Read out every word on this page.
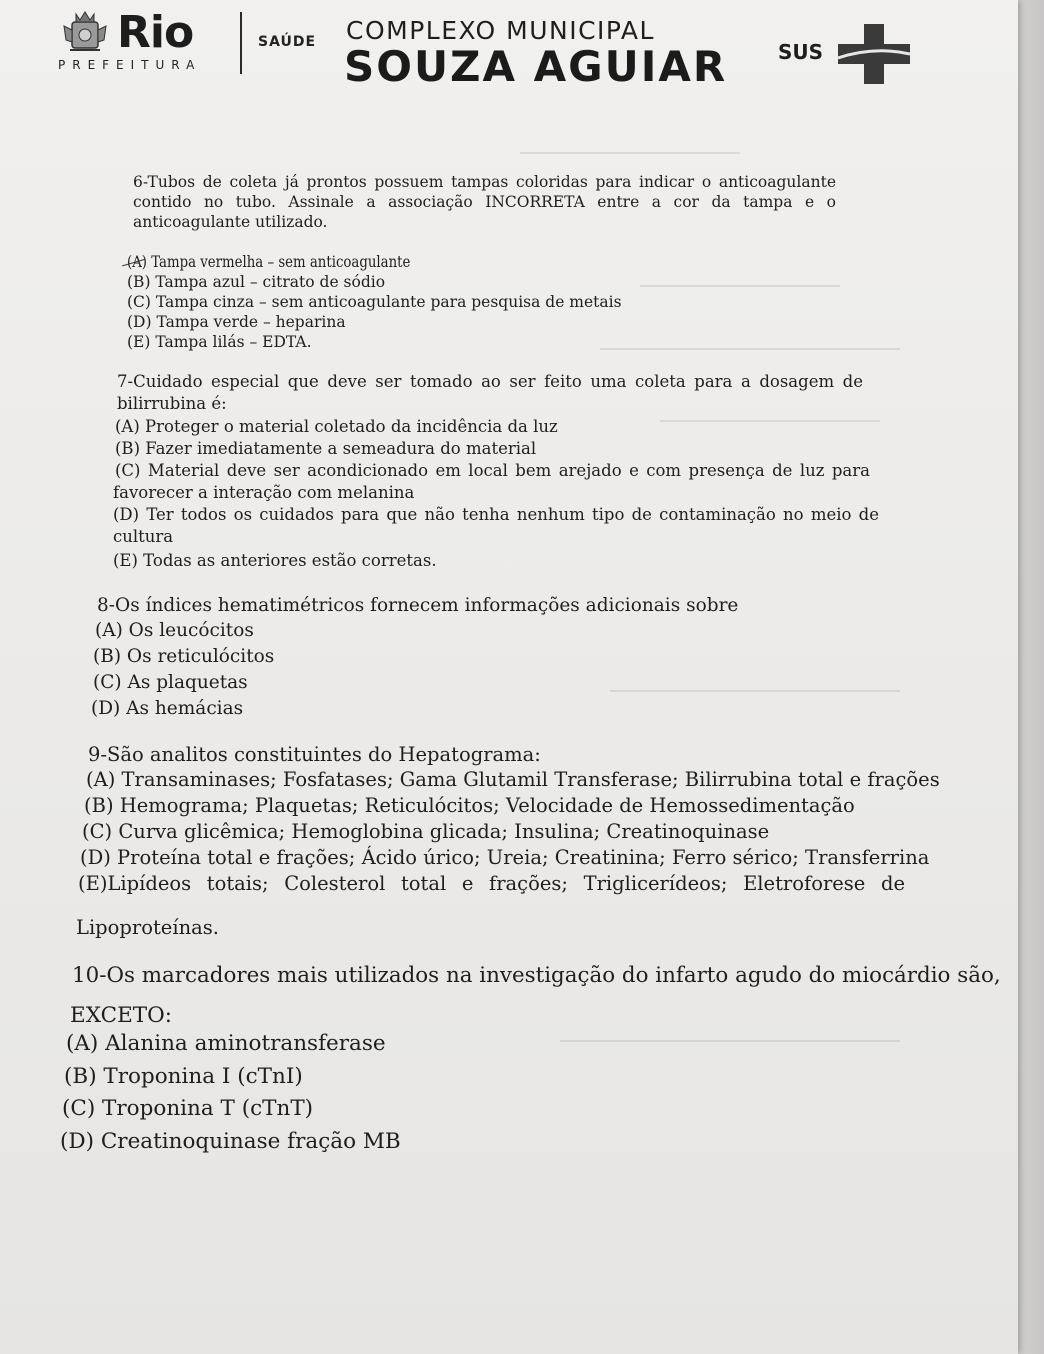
Rio
PREFEITURA
SAÚDE COMPLEXO MUNICIPAL
SOUZA AGUIAR	SUS
6-Tubos de coleta já prontos possuem tampas coloridas para indicar o anticoagulante
contido no tubo. Assinale a associação INCORRETA entre a cor da tampa e o
anticoagulante utilizado.
(A) Tampa vermelha – sem anticoagulante
(B) Tampa azul – citrato de sódio
(C) Tampa cinza – sem anticoagulante para pesquisa de metais
(D) Tampa verde – heparina
(E) Tampa lilás – EDTA.
7-Cuidado especial que deve ser tomado ao ser feito uma coleta para a dosagem de
bilirrubina é:
(A) Proteger o material coletado da incidência da luz
(B) Fazer imediatamente a semeadura do material
(C) Material deve ser acondicionado em local bem arejado e com presença de luz para
favorecer a interação com melanina
(D) Ter todos os cuidados para que não tenha nenhum tipo de contaminação no meio de
cultura
(E) Todas as anteriores estão corretas.
8-Os índices hematimétricos fornecem informações adicionais sobre
(A) Os leucócitos
(B) Os reticulócitos
(C) As plaquetas
(D) As hemácias
9-São analitos constituintes do Hepatograma:
(A) Transaminases; Fosfatases; Gama Glutamil Transferase; Bilirrubina total e frações
(B) Hemograma; Plaquetas; Reticulócitos; Velocidade de Hemossedimentação
(C) Curva glicêmica; Hemoglobina glicada; Insulina; Creatinoquinase
(D) Proteína total e frações; Ácido úrico; Ureia; Creatinina; Ferro sérico; Transferrina
(E)Lipídeos totais; Colesterol total e frações; Triglicerídeos; Eletroforese de
Lipoproteínas.
10-Os marcadores mais utilizados na investigação do infarto agudo do miocárdio são,
EXCETO:
(A) Alanina aminotransferase
(B) Troponina I (cTnI)
(C) Troponina T (cTnT)
(D) Creatinoquinase fração MB
